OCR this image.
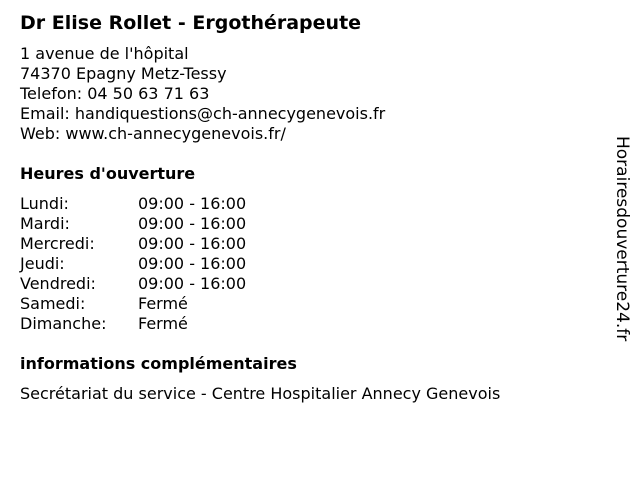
Dr Elise Rollet - Ergothérapeute
1 avenue de l'hôpital
74370 Epagny Metz-Tessy
Telefon: 04 50 63 71 63
Email: handiquestions@ch-annecygenevois.fr
Web: www.ch-annecygenevois.fr/
Heures d'ouverture
Lundi:	09:00 - 16:00
Mardi:	09:00 - 16:00
Mercredi:	09:00 - 16:00
Jeudi:	09:00 - 16:00
Vendredi:	09:00 - 16:00
Samedi:	Fermé
Dimanche:	Fermé
informations complémentaires
Secrétariat du service - Centre Hospitalier Annecy Genevois
Horairesdouverture24.fr
